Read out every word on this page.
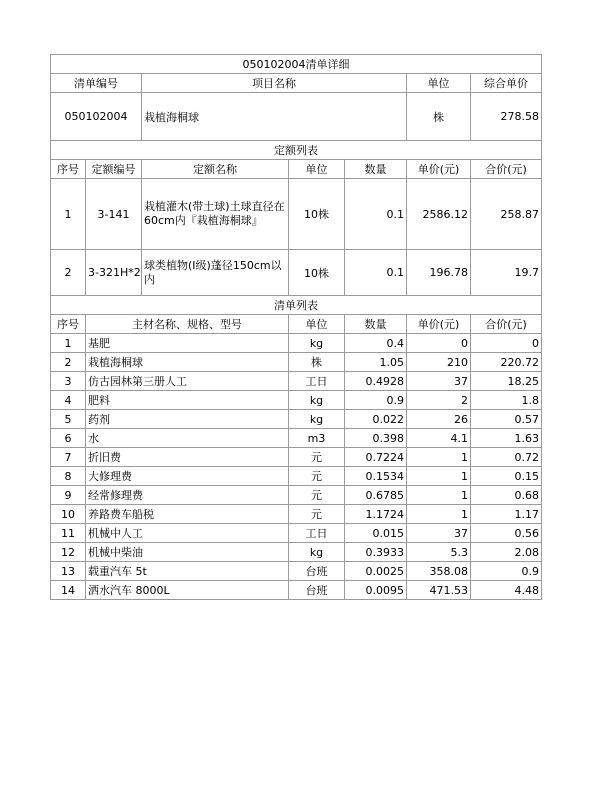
050102004清单详细						
清单编号		项目名称			单位	综合单价
050102004		栽植海桐球			株	278.58
定额列表						
序号	定额编号	定额名称	单位	数量	单价(元)	合价(元)
1	3-141	栽植灌木(带土球)土球直径在60cm内『栽植海桐球』	10株	0.1	2586.12	258.87
2	3-321H*2	球类植物(Ⅰ级)蓬径150cm以内	10株	0.1	196.78	19.7
清单列表						
序号	主材名称、规格、型号		单位	数量	单价(元)	合价(元)
1	基肥		kg	0.4	0	0
2	栽植海桐球		株	1.05	210	220.72
3	仿古园林第三册人工		工日	0.4928	37	18.25
4	肥料		kg	0.9	2	1.8
5	药剂		kg	0.022	26	0.57
6	水		m3	0.398	4.1	1.63
7	折旧费		元	0.7224	1	0.72
8	大修理费		元	0.1534	1	0.15
9	经常修理费		元	0.6785	1	0.68
10	养路费车船税		元	1.1724	1	1.17
11	机械中人工		工日	0.015	37	0.56
12	机械中柴油		kg	0.3933	5.3	2.08
13	载重汽车 5t		台班	0.0025	358.08	0.9
14	洒水汽车 8000L		台班	0.0095	471.53	4.48
